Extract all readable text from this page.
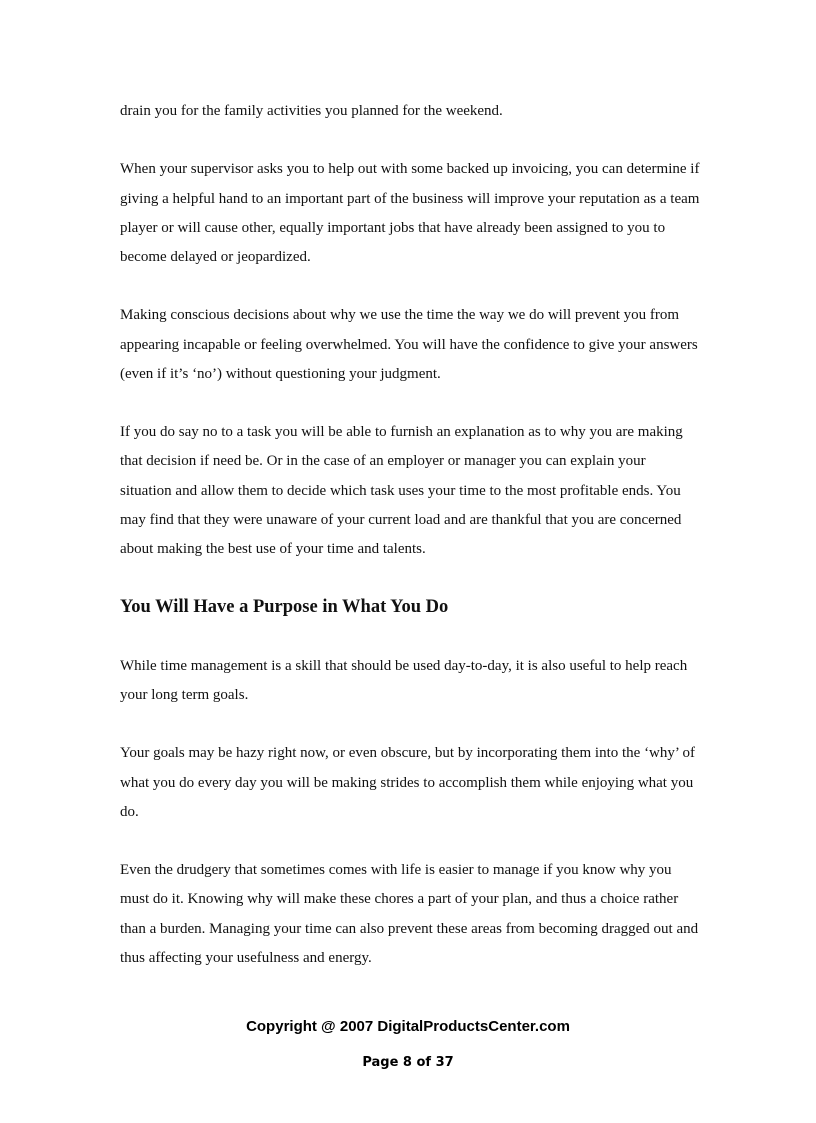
drain you for the family activities you planned for the weekend.

When your supervisor asks you to help out with some backed up invoicing, you can determine if giving a helpful hand to an important part of the business will improve your reputation as a team player or will cause other, equally important jobs that have already been assigned to you to become delayed or jeopardized.

Making conscious decisions about why we use the time the way we do will prevent you from appearing incapable or feeling overwhelmed. You will have the confidence to give your answers (even if it’s ‘no’) without questioning your judgment.

If you do say no to a task you will be able to furnish an explanation as to why you are making that decision if need be. Or in the case of an employer or manager you can explain your situation and allow them to decide which task uses your time to the most profitable ends. You may find that they were unaware of your current load and are thankful that you are concerned about making the best use of your time and talents.

You Will Have a Purpose in What You Do

While time management is a skill that should be used day-to-day, it is also useful to help reach your long term goals.

Your goals may be hazy right now, or even obscure, but by incorporating them into the ‘why’ of what you do every day you will be making strides to accomplish them while enjoying what you do.

Even the drudgery that sometimes comes with life is easier to manage if you know why you must do it. Knowing why will make these chores a part of your plan, and thus a choice rather than a burden. Managing your time can also prevent these areas from becoming dragged out and thus affecting your usefulness and energy.

Copyright @ 2007 DigitalProductsCenter.com
Page 8 of 37
